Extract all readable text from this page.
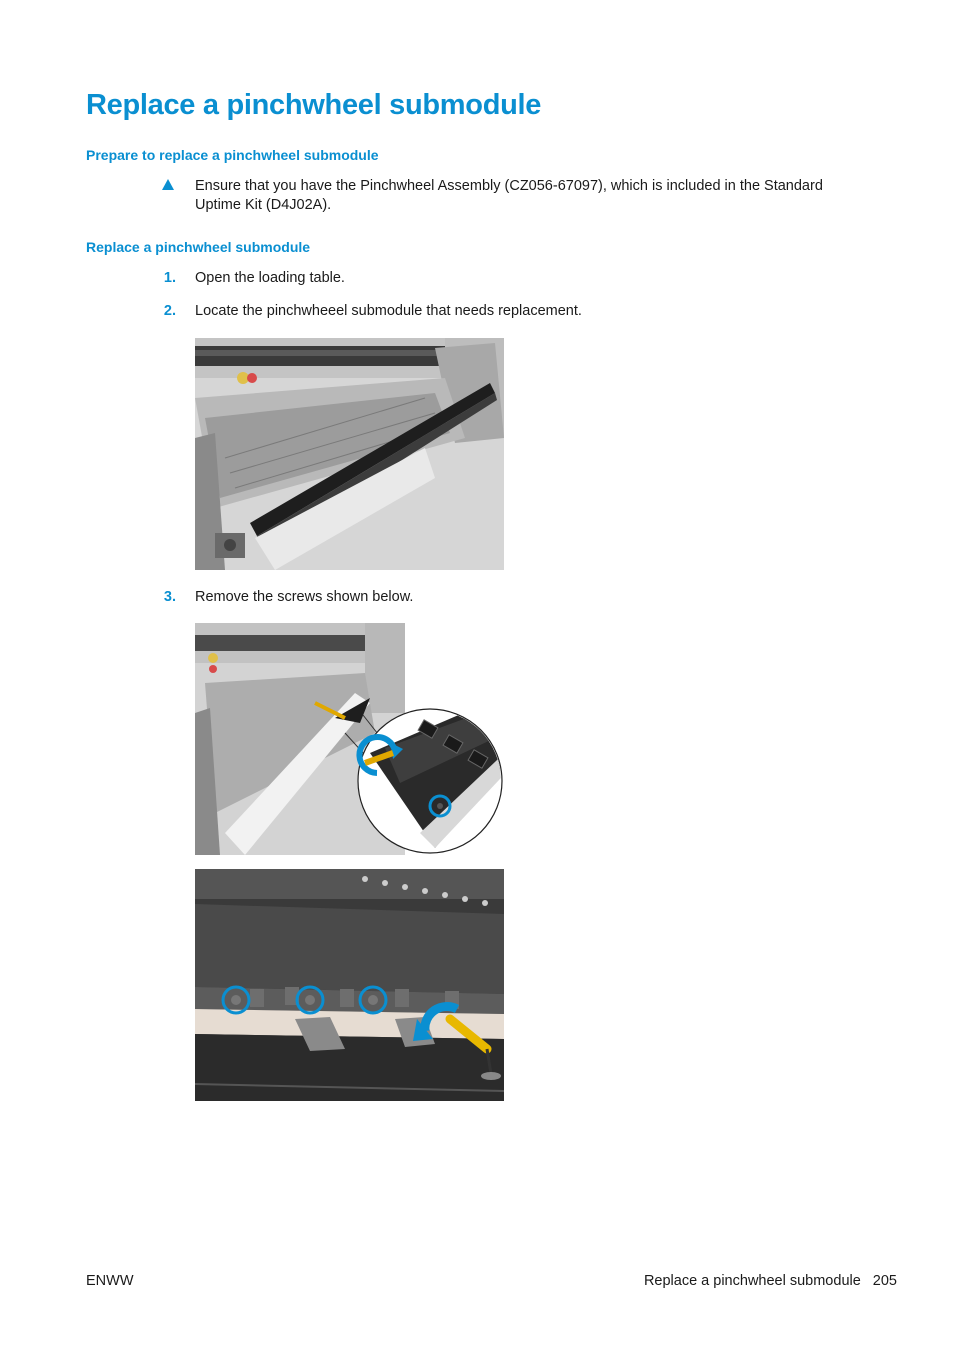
Replace a pinchwheel submodule
Prepare to replace a pinchwheel submodule
Ensure that you have the Pinchwheel Assembly (CZ056-67097), which is included in the Standard Uptime Kit (D4J02A).
Replace a pinchwheel submodule
1. Open the loading table.
2. Locate the pinchwheeel submodule that needs replacement.
3. Remove the screws shown below.
ENWW	Replace a pinchwheel submodule 205
